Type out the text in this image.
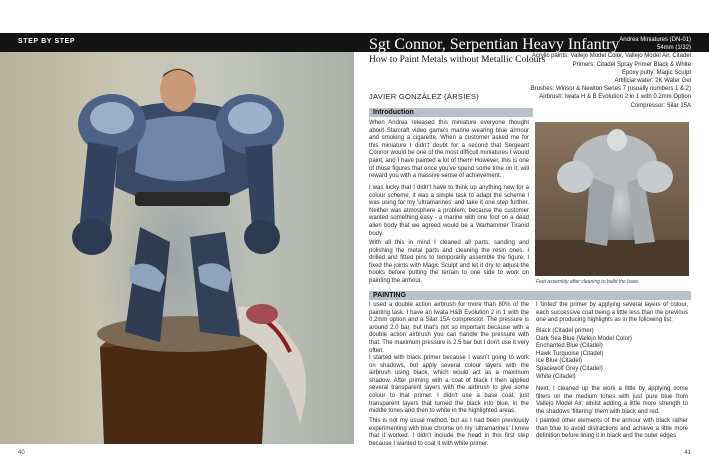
40
STEP BY STEP	Sgt Connor, Serpentian Heavy Infantry
How to Paint Metals without Metallic Colours
JAVIER GONZÁLEZ (ARSIES)
Andrea Miniatures (DN-01)
54mm (1/32)
Acrylic paints: Vallejo Model Color, Vallejo Model Air, Citadel
Primers: Citadel Spray Primer Black & White
Epoxy putty: Magic Sculpt
Artificial water: 2K Water Gel
Brushes: Winsor & Newton Series 7 (usually numbers 1 & 2)
Airbrush: Iwata H & B Evolution 2 in 1 with 0.2mm Option
Compressor: Silar 15A
Introduction
When Andrea released this miniature everyone thought about Starcraft video game's marine wearing blue armour and smoking a cigarette. When a customer asked me for this miniature I didn't doubt for a second that Sergeant Connor would be one of the most difficult miniatures I would paint; and I have painted a lot of them! However, this is one of those figures that once you've spend some time on it, will reward you with a massive sense of achievement.
I was lucky that I didn't have to think up anything new for a colour scheme; it was a simple task to adapt the scheme I was using for my 'ultramarines' and take it one step further. Neither was atmosphere a problem, because the customer wanted something easy - a marine with one foot on a dead alien body that we agreed would be a Warhammer Tiranid body.
With all this in mind I cleaned all parts, sanding and polishing the metal parts and cleaning the resin ones. I drilled and fitted pins to temporarily assemble the figure. I fixed the joints with Magic Sculpt and let it dry to adjust the hooks before putting the terrain to one side to work on painting the armour.	Feet assembly after cleaning to build the base.
PAINTING
I used a double action airbrush for more than 80% of the painting task. I have an Iwata H&B Evolution 2 in 1 with the 0.2mm option and a Silar 15A compressor. The pressure is around 2.0 bar, but that's not so important because with a double action airbrush you can handle the pressure with that. The maximum pressure is 2.5 bar but I don't use it very often.
I started with black primer because I wasn't going to work on shadows, but apply several colour layers with the airbrush using black, which would act as a maximum shadow. After priming with a coat of black I then applied several transparent layers with the airbrush to give some colour to that primer. I didn't use a base coat, just transparent layers that turned the black into blue, in the middle tones and then to white in the highlighted areas.
This is not my usual method, but as I had been previously experimenting with blue chrome on my 'ultramarines' I knew that it worked. I didn't include the head in this first step because I wanted to coat it with white primer.
I 'tinted' the primer by applying several layers of colour, each successive coat being a little less than the previous one and producing highlights as in the following list:
Black (Citadel primer)
Dark Sea Blue (Vallejo Model Color)
Enchanted Blue (Citadel)
Hawk Turquoise (Citadel)
Ice Blue (Citadel)
Spacewolf Grey (Citadel)
White (Citadel)
Next, I cleaned up the work a little by applying some filters on the medium tones with just pure blue from Vallejo Model Air, whilst adding a little more strength to the shadows 'filtering' them with black and red.
I painted other elements of the armour with black rather than blue to avoid distractions and achieve a little more definition before lining it in black and the outer edges
41
